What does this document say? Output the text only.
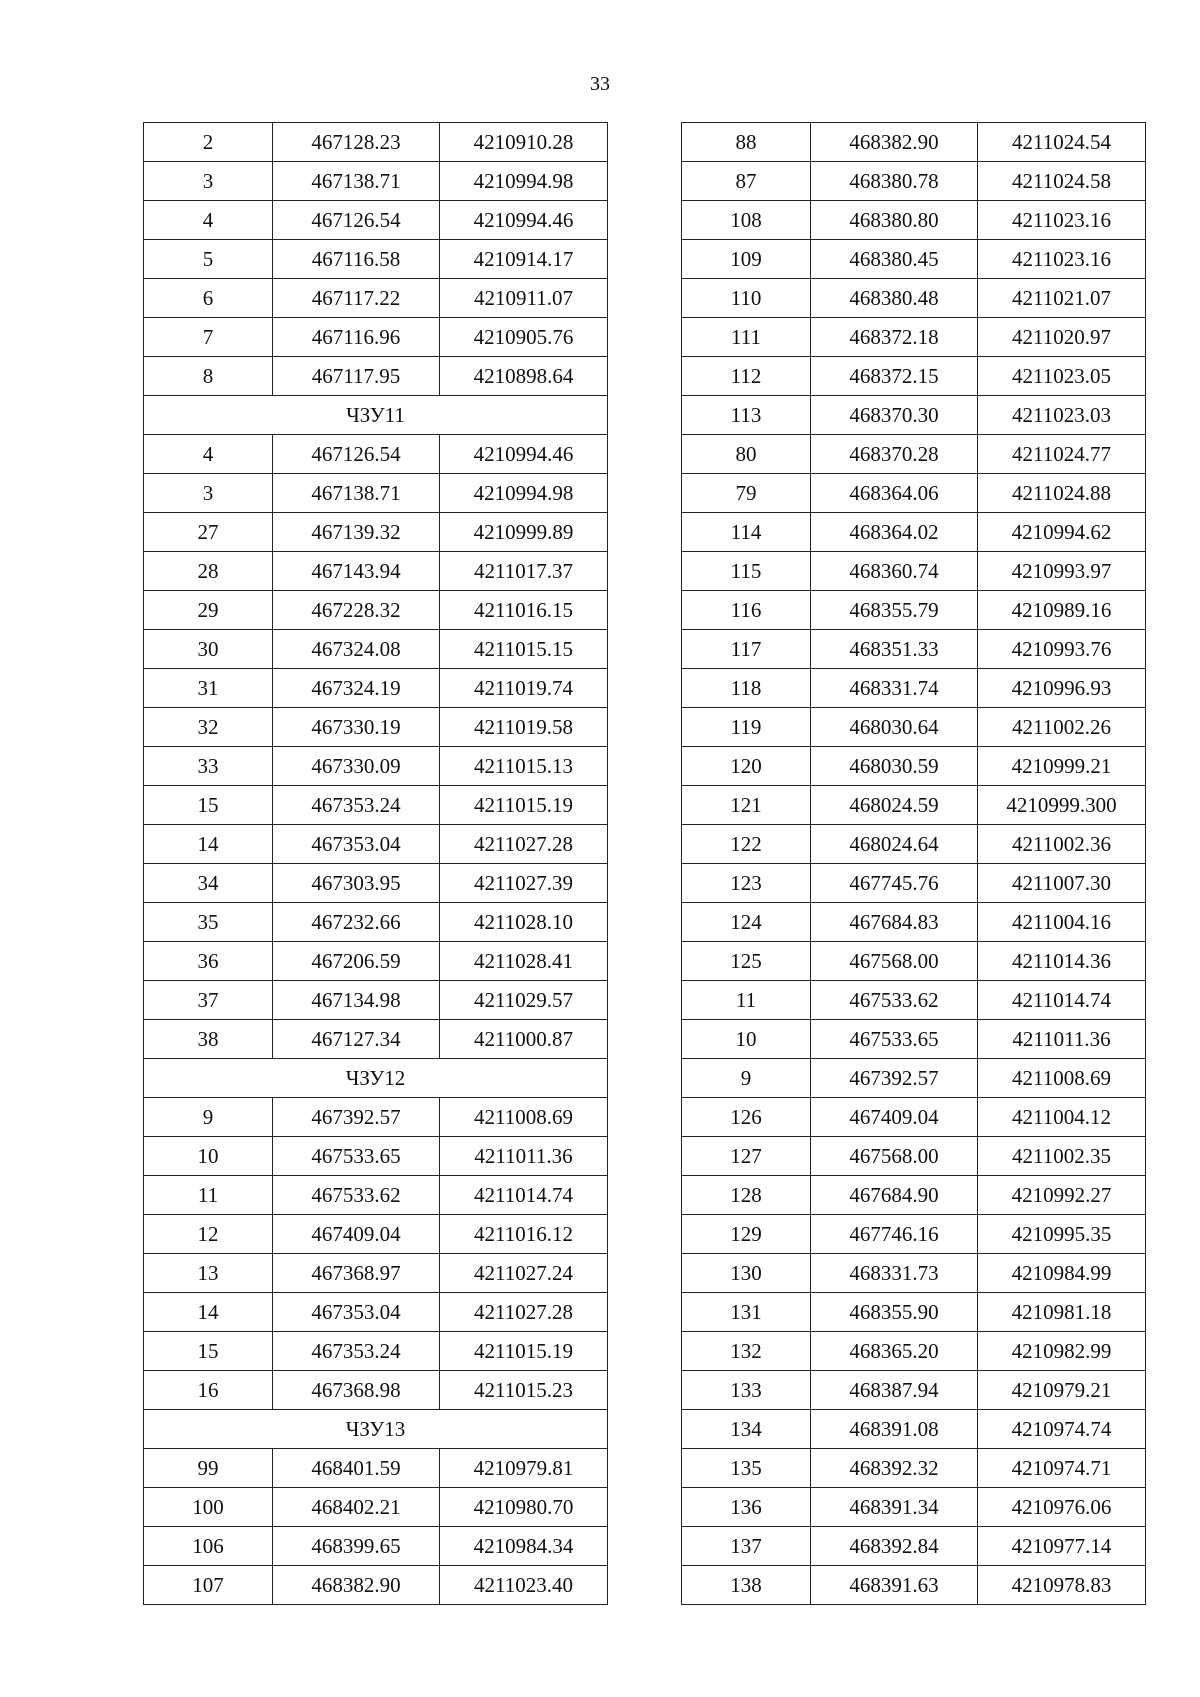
33
2	467128.23	4210910.28
3	467138.71	4210994.98
4	467126.54	4210994.46
5	467116.58	4210914.17
6	467117.22	4210911.07
7	467116.96	4210905.76
8	467117.95	4210898.64
ЧЗУ11		
4	467126.54	4210994.46
3	467138.71	4210994.98
27	467139.32	4210999.89
28	467143.94	4211017.37
29	467228.32	4211016.15
30	467324.08	4211015.15
31	467324.19	4211019.74
32	467330.19	4211019.58
33	467330.09	4211015.13
15	467353.24	4211015.19
14	467353.04	4211027.28
34	467303.95	4211027.39
35	467232.66	4211028.10
36	467206.59	4211028.41
37	467134.98	4211029.57
38	467127.34	4211000.87
ЧЗУ12		
9	467392.57	4211008.69
10	467533.65	4211011.36
11	467533.62	4211014.74
12	467409.04	4211016.12
13	467368.97	4211027.24
14	467353.04	4211027.28
15	467353.24	4211015.19
16	467368.98	4211015.23
ЧЗУ13		
99	468401.59	4210979.81
100	468402.21	4210980.70
106	468399.65	4210984.34
107	468382.90	4211023.40
88	468382.90	4211024.54
87	468380.78	4211024.58
108	468380.80	4211023.16
109	468380.45	4211023.16
110	468380.48	4211021.07
111	468372.18	4211020.97
112	468372.15	4211023.05
113	468370.30	4211023.03
80	468370.28	4211024.77
79	468364.06	4211024.88
114	468364.02	4210994.62
115	468360.74	4210993.97
116	468355.79	4210989.16
117	468351.33	4210993.76
118	468331.74	4210996.93
119	468030.64	4211002.26
120	468030.59	4210999.21
121	468024.59	4210999.300
122	468024.64	4211002.36
123	467745.76	4211007.30
124	467684.83	4211004.16
125	467568.00	4211014.36
11	467533.62	4211014.74
10	467533.65	4211011.36
9	467392.57	4211008.69
126	467409.04	4211004.12
127	467568.00	4211002.35
128	467684.90	4210992.27
129	467746.16	4210995.35
130	468331.73	4210984.99
131	468355.90	4210981.18
132	468365.20	4210982.99
133	468387.94	4210979.21
134	468391.08	4210974.74
135	468392.32	4210974.71
136	468391.34	4210976.06
137	468392.84	4210977.14
138	468391.63	4210978.83
